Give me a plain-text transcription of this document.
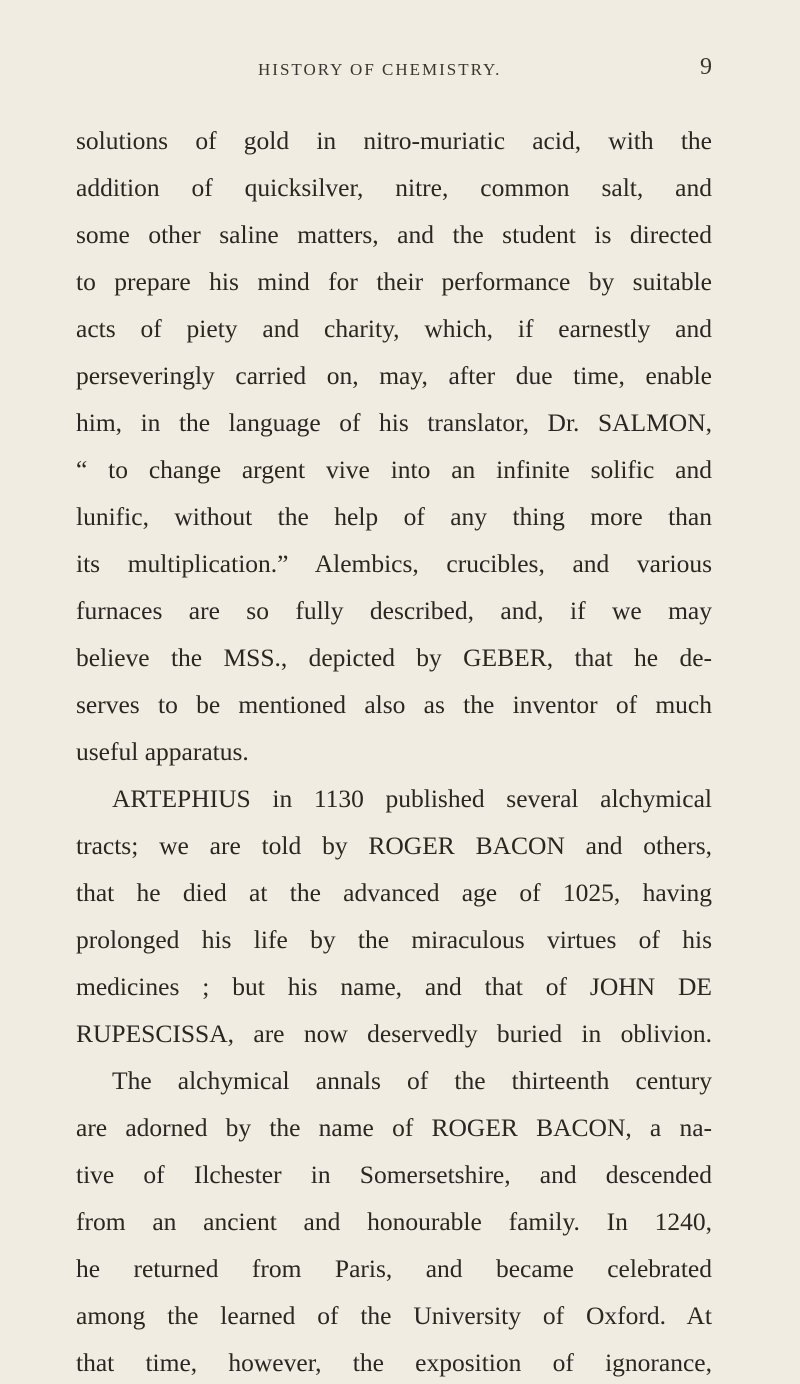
HISTORY OF CHEMISTRY.	9
solutions of gold in nitro-muriatic acid, with the
addition of quicksilver, nitre, common salt, and
some other saline matters, and the student is directed
to prepare his mind for their performance by suitable
acts of piety and charity, which, if earnestly and
perseveringly carried on, may, after due time, enable
him, in the language of his translator, Dr. SALMON,
“ to change argent vive into an infinite solific and
lunific, without the help of any thing more than
its multiplication.” Alembics, crucibles, and various
furnaces are so fully described, and, if we may
believe the MSS., depicted by GEBER, that he de-
serves to be mentioned also as the inventor of much
useful apparatus.
ARTEPHIUS in 1130 published several alchymical
tracts; we are told by ROGER BACON and others,
that he died at the advanced age of 1025, having
prolonged his life by the miraculous virtues of his
medicines ; but his name, and that of JOHN DE
RUPESCISSA, are now deservedly buried in oblivion.
The alchymical annals of the thirteenth century
are adorned by the name of ROGER BACON, a na-
tive of Ilchester in Somersetshire, and descended
from an ancient and honourable family. In 1240,
he returned from Paris, and became celebrated
among the learned of the University of Oxford. At
that time, however, the exposition of ignorance,
